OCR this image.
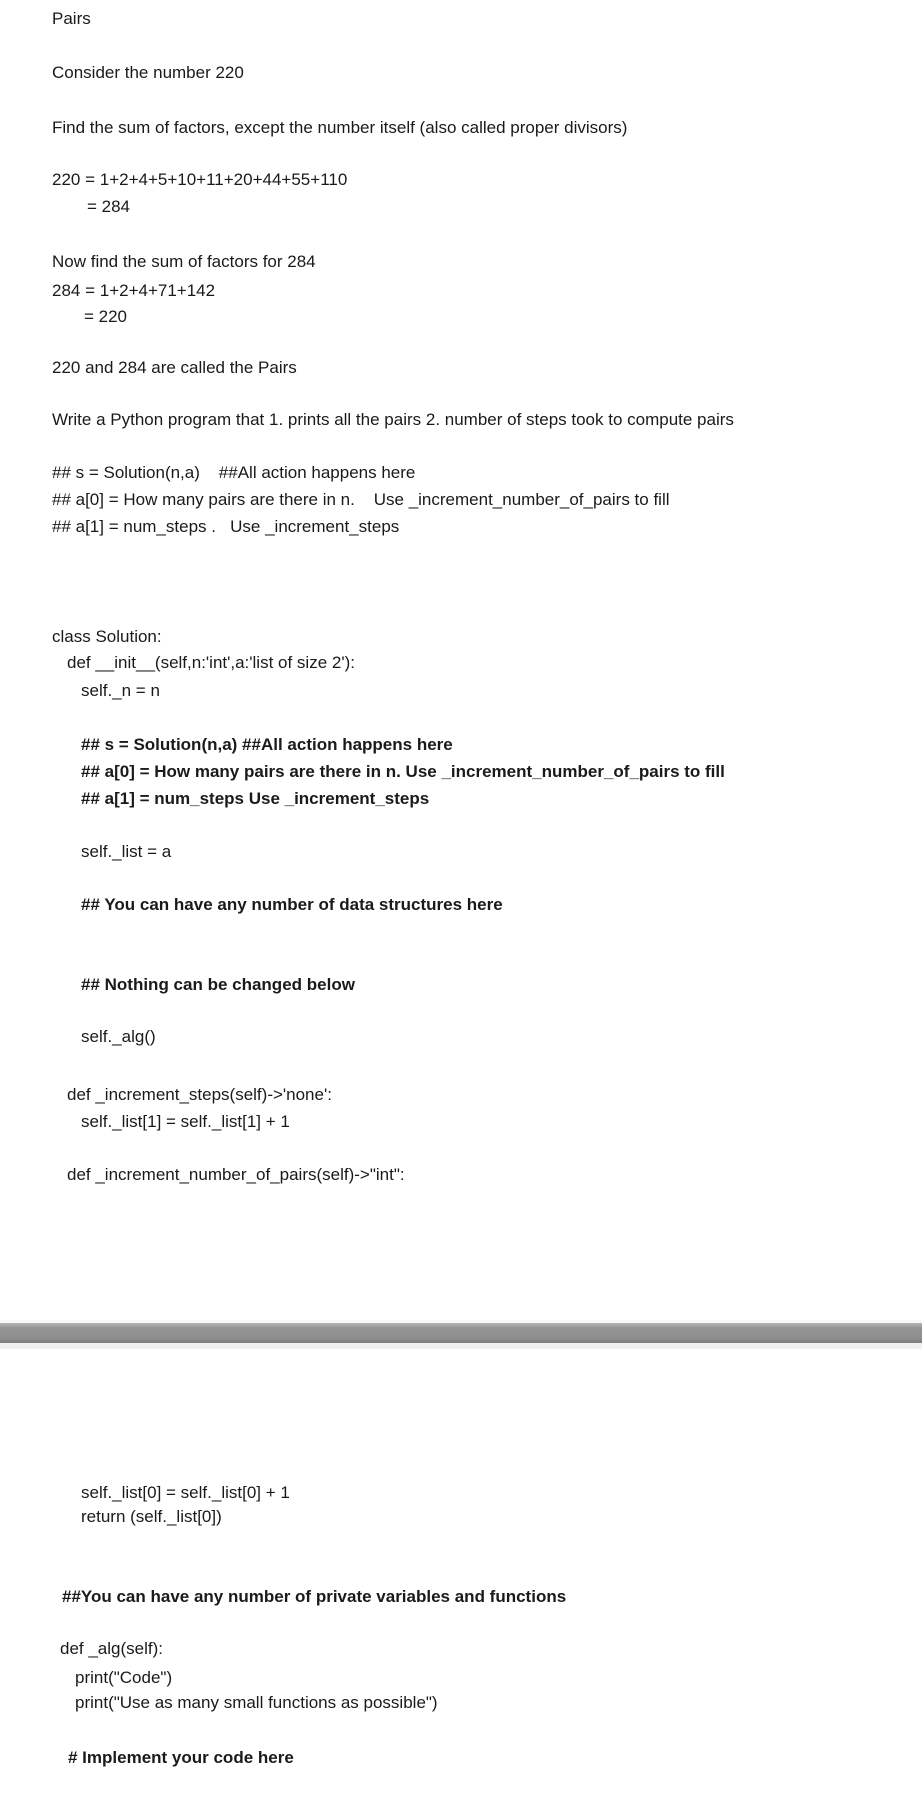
Pairs
Consider the number 220
Find the sum of factors, except the number itself (also called proper divisors)
220 = 1+2+4+5+10+11+20+44+55+110
= 284
Now find the sum of factors for 284
284 = 1+2+4+71+142
= 220
220 and 284 are called the Pairs
Write a Python program that 1. prints all the pairs 2. number of steps took to compute pairs
## s = Solution(n,a)    ##All action happens here
## a[0] = How many pairs are there in n.    Use _increment_number_of_pairs to fill
## a[1] = num_steps .   Use _increment_steps
class Solution:
def __init__(self,n:'int',a:'list of size 2'):
self._n = n
## s = Solution(n,a) ##All action happens here
## a[0] = How many pairs are there in n. Use _increment_number_of_pairs to fill
## a[1] = num_steps Use _increment_steps
self._list = a
## You can have any number of data structures here
## Nothing can be changed below
self._alg()
def _increment_steps(self)->'none':
self._list[1] = self._list[1] + 1
def _increment_number_of_pairs(self)->"int":
self._list[0] = self._list[0] + 1
return (self._list[0])
##You can have any number of private variables and functions
def _alg(self):
print("Code")
print("Use as many small functions as possible")
# Implement your code here
